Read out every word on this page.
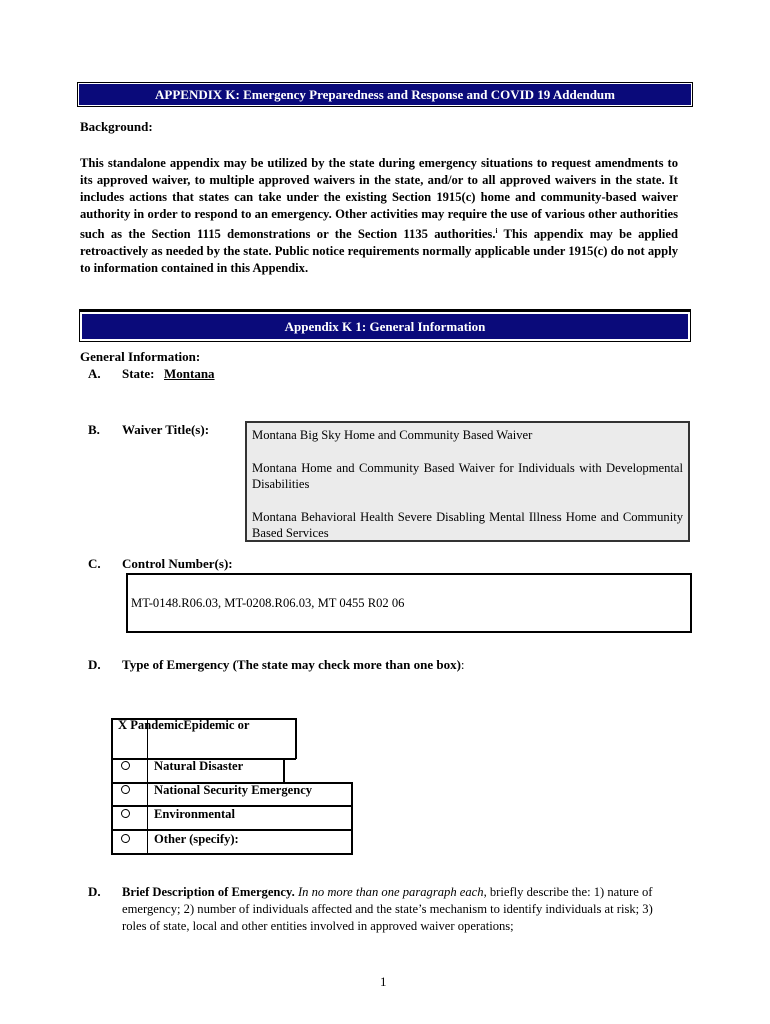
APPENDIX K: Emergency Preparedness and Response and COVID 19 Addendum
Background:
This standalone appendix may be utilized by the state during emergency situations to request amendments to its approved waiver, to multiple approved waivers in the state, and/or to all approved waivers in the state. It includes actions that states can take under the existing Section 1915(c) home and community-based waiver authority in order to respond to an emergency. Other activities may require the use of various other authorities such as the Section 1115 demonstrations or the Section 1135 authorities.$^i$ This appendix may be applied retroactively as needed by the state. Public notice requirements normally applicable under 1915(c) do not apply to information contained in this Appendix.
Appendix K 1: General Information
General Information:
A. State: Montana
B. Waiver Title(s):	Montana Big Sky Home and Community Based Waiver

Montana Home and Community Based Waiver for Individuals with Developmental Disabilities

Montana Behavioral Health Severe Disabling Mental Illness Home and Community Based Services

C. Control Number(s):
MT-0148.R06.03, MT-0208.R06.03, MT 0455 R02 06
D. Type of Emergency (The state may check more than one box):
X PandemicEpidemic or
Natural Disaster
National Security Emergency
Environmental
Other (specify):
D. Brief Description of Emergency. In no more than one paragraph each, briefly describe the: 1) nature of emergency; 2) number of individuals affected and the state’s mechanism to identify individuals at risk; 3) roles of state, local and other entities involved in approved waiver operations;
1
